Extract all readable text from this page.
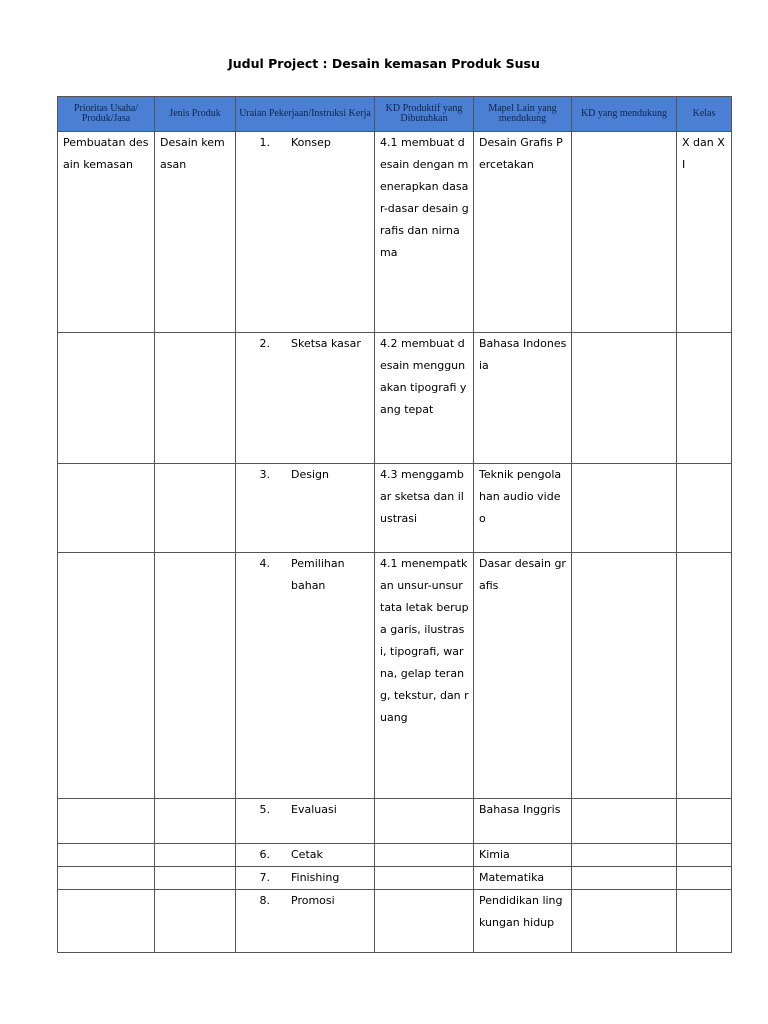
Judul Project : Desain kemasan Produk Susu
Prioritas Usaha/ Produk/Jasa	Jenis Produk	Uraian Pekerjaan/Instruksi Kerja	KD Produktif yang Dibutuhkan	Mapel Lain yang mendukung	KD yang mendukung	Kelas
Pembuatan desain kemasan	Desain kemasan	1. Konsep	4.1 membuat desain dengan menerapkan dasar-dasar desain grafis dan nirnama	Desain Grafis Percetakan		X dan XI

		2. Sketsa kasar	4.2 membuat desain menggunakan tipografi yang tepat	Bahasa Indonesia		

		3. Design	4.3 menggambar sketsa dan ilustrasi	Teknik pengolahan audio video		

		4. Pemilihan bahan	4.1 menempatkan unsur-unsur tata letak berupa garis, ilustrasi, tipografi, warna, gelap terang, tekstur, dan ruang	Dasar desain grafis		

		5. Evaluasi		Bahasa Inggris		

		6. Cetak		Kimia		

		7. Finishing		Matematika		

		8. Promosi		Pendidikan lingkungan hidup		
